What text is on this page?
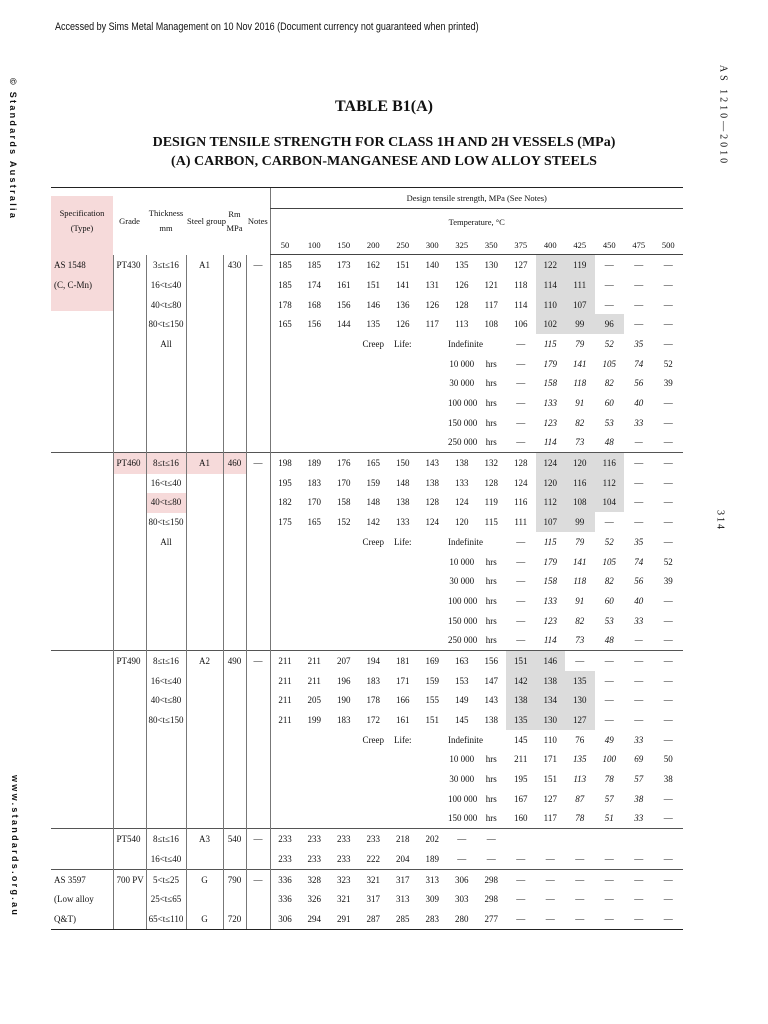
Accessed by Sims Metal Management on 10 Nov 2016 (Document currency not guaranteed when printed)
© Standards Australia
www.standards.org.au
AS 1210—2010
314
TABLE B1(A)
DESIGN TENSILE STRENGTH FOR CLASS 1H AND 2H VESSELS (MPa)
(A) CARBON, CARBON-MANGANESE AND LOW ALLOY STEELS
Specification (Type)	Grade	Thickness mm	Steel group	Rm MPa	Notes	Design tensile strength, MPa (See Notes)													
						Temperature, °C													
						50	100	150	200	250	300	325	350	375	400	425	450	475	500
AS 1548	PT430	3≤t≤16	A1	430	—	185	185	173	162	151	140	135	130	127	122	119	—	—	—
(C, C-Mn)		16<t≤40				185	174	161	151	141	131	126	121	118	114	111	—	—	—
		40<t≤80				178	168	156	146	136	126	128	117	114	110	107	—	—	—
		80<t≤150				165	156	144	135	126	117	113	108	106	102	99	96	—	—
		All							Creep	Life:		Indefinite		—	115	79	52	35	—
												10 000	hrs	—	179	141	105	74	52
												30 000	hrs	—	158	118	82	56	39
												100 000	hrs	—	133	91	60	40	—
												150 000	hrs	—	123	82	53	33	—
												250 000	hrs	—	114	73	48	—	—
	PT460	8≤t≤16	A1	460	—	198	189	176	165	150	143	138	132	128	124	120	116	—	—
		16<t≤40				195	183	170	159	148	138	133	128	124	120	116	112	—	—
		40<t≤80				182	170	158	148	138	128	124	119	116	112	108	104	—	—
		80<t≤150				175	165	152	142	133	124	120	115	111	107	99	—	—	—
		All							Creep	Life:		Indefinite		—	115	79	52	35	—
												10 000	hrs	—	179	141	105	74	52
												30 000	hrs	—	158	118	82	56	39
												100 000	hrs	—	133	91	60	40	—
												150 000	hrs	—	123	82	53	33	—
												250 000	hrs	—	114	73	48	—	—
	PT490	8≤t≤16	A2	490	—	211	211	207	194	181	169	163	156	151	146	—	—	—	—
		16<t≤40				211	211	196	183	171	159	153	147	142	138	135	—	—	—
		40<t≤80				211	205	190	178	166	155	149	143	138	134	130	—	—	—
		80<t≤150				211	199	183	172	161	151	145	138	135	130	127	—	—	—
									Creep	Life:		Indefinite		145	110	76	49	33	—
												10 000	hrs	211	171	135	100	69	50
												30 000	hrs	195	151	113	78	57	38
												100 000	hrs	167	127	87	57	38	—
												150 000	hrs	160	117	78	51	33	—
	PT540	8≤t≤16	A3	540	—	233	233	233	233	218	202	—	—						
		16<t≤40				233	233	233	222	204	189	—	—	—	—	—	—	—	—
AS 3597	700 PV	5<t≤25	G	790	—	336	328	323	321	317	313	306	298	—	—	—	—	—	—
(Low alloy		25<t≤65				336	326	321	317	313	309	303	298	—	—	—	—	—	—
Q&T)		65<t≤110	G	720		306	294	291	287	285	283	280	277	—	—	—	—	—	—
